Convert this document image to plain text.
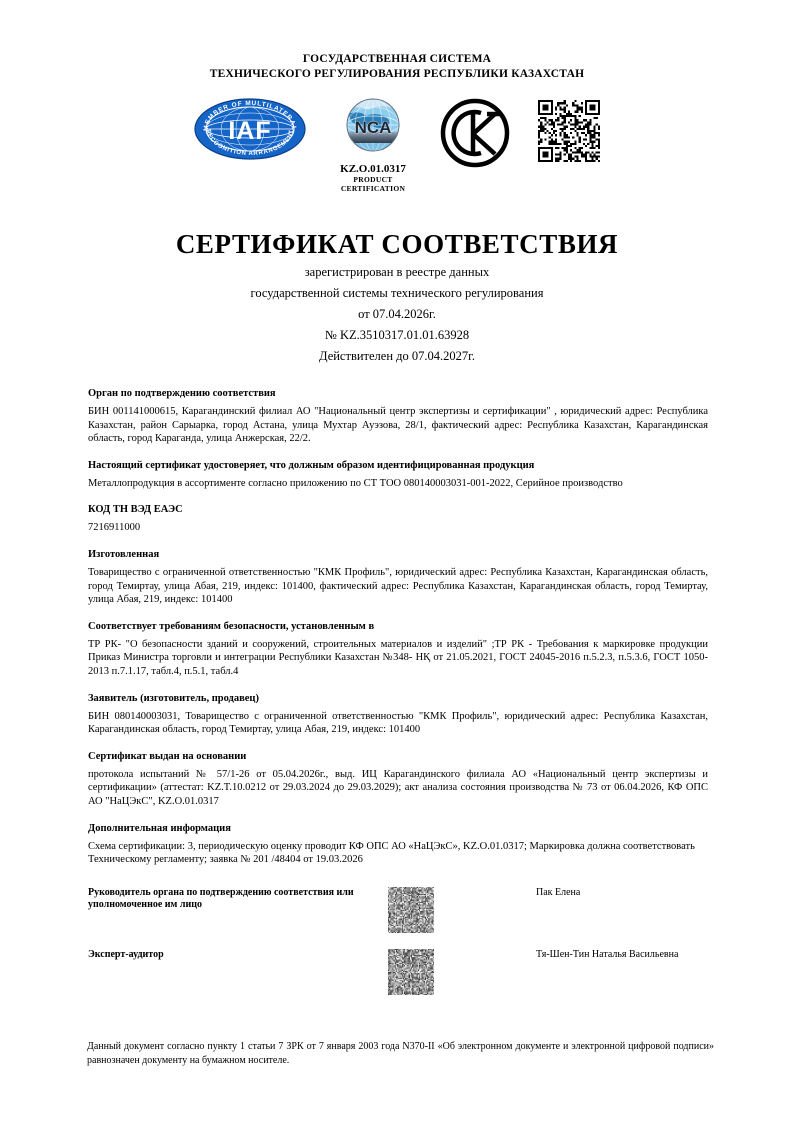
ГОСУДАРСТВЕННАЯ СИСТЕМА
ТЕХНИЧЕСКОГО РЕГУЛИРОВАНИЯ РЕСПУБЛИКИ КАЗАХСТАН
MEMBER OF MULTILATERAL
RECOGNITION ARRANGEMENT
IAF	NCA
KZ.O.01.0317
PRODUCT
CERTIFICATION
СЕРТИФИКАТ СООТВЕТСТВИЯ
зарегистрирован в реестре данных
государственной системы технического регулирования
от 07.04.2026г.
№ KZ.3510317.01.01.63928
Действителен до 07.04.2027г.
Орган по подтверждению соответствия
БИН 001141000615, Карагандинский филиал АО "Национальный центр экспертизы и сертификации" , юридический адрес: Республика Казахстан, район Сарыарка, город Астана, улица Мухтар Ауэзова, 28/1, фактический адрес: Республика Казахстан, Карагандинская область, город Караганда, улица Анжерская, 22/2.
Настоящий сертификат удостоверяет, что должным образом идентифицированная продукция
Металлопродукция в ассортименте согласно приложению по СТ ТОО 080140003031-001-2022, Серийное производство
КОД ТН ВЭД ЕАЭС
7216911000
Изготовленная
Товарищество с ограниченной ответственностью "КМК Профиль", юридический адрес: Республика Казахстан, Карагандинская область, город Темиртау, улица Абая, 219, индекс: 101400, фактический адрес: Республика Казахстан, Карагандинская область, город Темиртау, улица Абая, 219, индекс: 101400
Соответствует требованиям безопасности, установленным в
ТР РК- "О безопасности зданий и сооружений, строительных материалов и изделий" ;ТР РК - Требования к маркировке продукции Приказ Министра торговли и интеграции Республики Казахстан №348- НҚ от 21.05.2021, ГОСТ 24045-2016 п.5.2.3, п.5.3.6, ГОСТ 1050-2013 п.7.1.17, табл.4, п.5.1, табл.4
Заявитель (изготовитель, продавец)
БИН 080140003031, Товарищество с ограниченной ответственностью "КМК Профиль", юридический адрес: Республика Казахстан, Карагандинская область, город Темиртау, улица Абая, 219, индекс: 101400
Сертификат выдан на основании
протокола испытаний № 57/1-26 от 05.04.2026г., выд. ИЦ Карагандинского филиала АО «Национальный центр экспертизы и сертификации» (аттестат: KZ.T.10.0212 от 29.03.2024 до 29.03.2029); акт анализа состояния производства № 73 от 06.04.2026, КФ ОПС АО "НаЦЭкС", KZ.O.01.0317
Дополнительная информация
Схема сертификации: 3, периодическую оценку проводит КФ ОПС АО «НаЦЭкС», KZ.O.01.0317; Маркировка должна соответствовать Техническому регламенту; заявка № 201 /48404 от 19.03.2026
Руководитель органа по подтверждению соответствия или уполномоченное им лицо
Пак Елена
Эксперт-аудитор	Тя-Шен-Тин Наталья Васильевна
Данный документ согласно пункту 1 статьи 7 ЗРК от 7 января 2003 года N370-II «Об электронном документе и электронной цифровой подписи» равнозначен документу на бумажном носителе.
